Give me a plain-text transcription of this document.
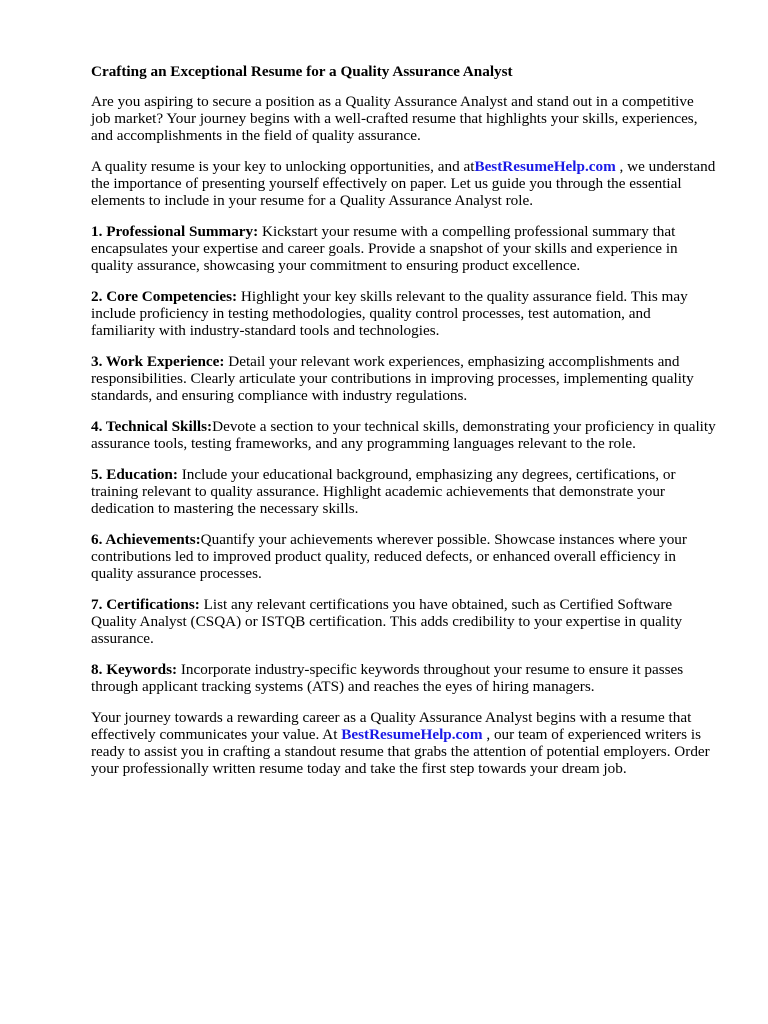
Crafting an Exceptional Resume for a Quality Assurance Analyst

Are you aspiring to secure a position as a Quality Assurance Analyst and stand out in a competitive job market? Your journey begins with a well-crafted resume that highlights your skills, experiences, and accomplishments in the field of quality assurance.

A quality resume is your key to unlocking opportunities, and atBestResumeHelp.com , we understand the importance of presenting yourself effectively on paper. Let us guide you through the essential elements to include in your resume for a Quality Assurance Analyst role.

1. Professional Summary: Kickstart your resume with a compelling professional summary that encapsulates your expertise and career goals. Provide a snapshot of your skills and experience in quality assurance, showcasing your commitment to ensuring product excellence.

2. Core Competencies: Highlight your key skills relevant to the quality assurance field. This may include proficiency in testing methodologies, quality control processes, test automation, and familiarity with industry-standard tools and technologies.

3. Work Experience: Detail your relevant work experiences, emphasizing accomplishments and responsibilities. Clearly articulate your contributions in improving processes, implementing quality standards, and ensuring compliance with industry regulations.

4. Technical Skills:Devote a section to your technical skills, demonstrating your proficiency in quality assurance tools, testing frameworks, and any programming languages relevant to the role.

5. Education: Include your educational background, emphasizing any degrees, certifications, or training relevant to quality assurance. Highlight academic achievements that demonstrate your dedication to mastering the necessary skills.

6. Achievements:Quantify your achievements wherever possible. Showcase instances where your contributions led to improved product quality, reduced defects, or enhanced overall efficiency in quality assurance processes.

7. Certifications: List any relevant certifications you have obtained, such as Certified Software Quality Analyst (CSQA) or ISTQB certification. This adds credibility to your expertise in quality assurance.

8. Keywords: Incorporate industry-specific keywords throughout your resume to ensure it passes through applicant tracking systems (ATS) and reaches the eyes of hiring managers.

Your journey towards a rewarding career as a Quality Assurance Analyst begins with a resume that effectively communicates your value. At BestResumeHelp.com , our team of experienced writers is ready to assist you in crafting a standout resume that grabs the attention of potential employers. Order your professionally written resume today and take the first step towards your dream job.
